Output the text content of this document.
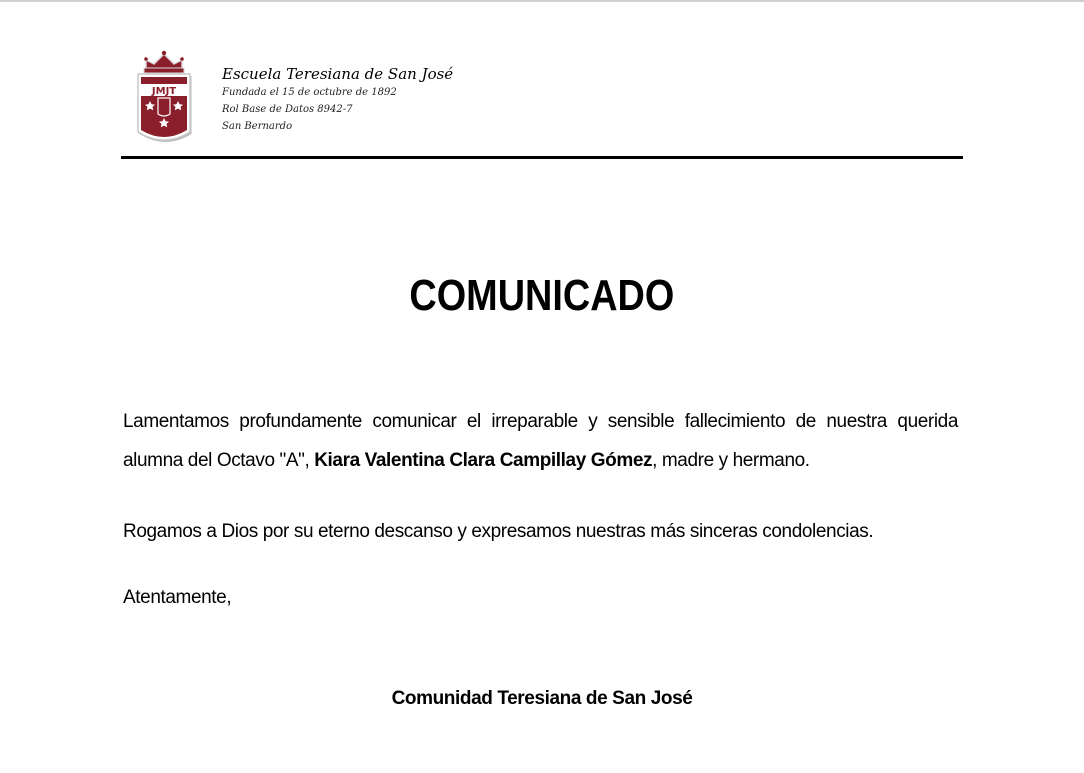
JMJT
Escuela Teresiana de San José
Fundada el 15 de octubre de 1892
Rol Base de Datos 8942-7
San Bernardo
COMUNICADO
Lamentamos profundamente comunicar el irreparable y sensible fallecimiento de nuestra querida alumna del Octavo "A", Kiara Valentina Clara Campillay Gómez, madre y hermano.
Rogamos a Dios por su eterno descanso y expresamos nuestras más sinceras condolencias.
Atentamente,
Comunidad Teresiana de San José
